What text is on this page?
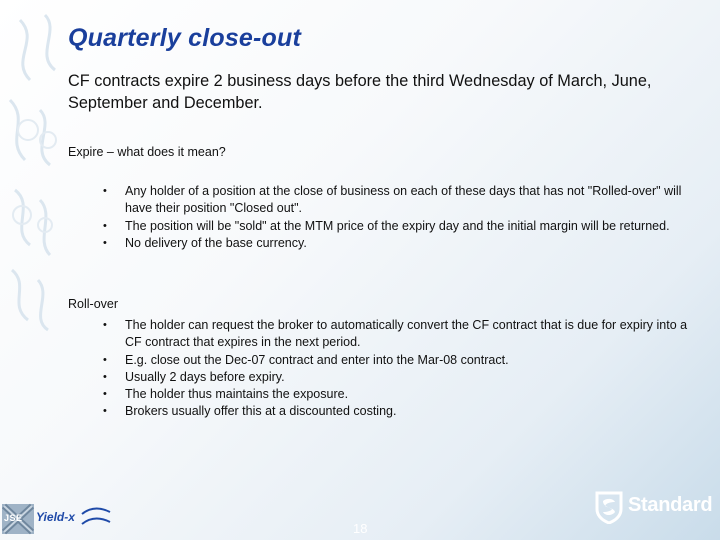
Quarterly close-out
CF contracts expire 2 business days before the third Wednesday of March, June, September and December.
Expire – what does it mean?
• Any holder of a position at the close of business on each of these days that has not "Rolled-over" will have their position "Closed out".
• The position will be "sold" at the MTM price of the expiry day and the initial margin will be returned.
• No delivery of the base currency.
Roll-over
• The holder can request the broker to automatically convert the CF contract that is due for expiry into a CF contract that expires in the next period.
• E.g. close out the Dec-07 contract and enter into the Mar-08 contract.
• Usually 2 days before expiry.
• The holder thus maintains the exposure.
• Brokers usually offer this at a discounted costing.
JSE Yield-x
18
Standard
